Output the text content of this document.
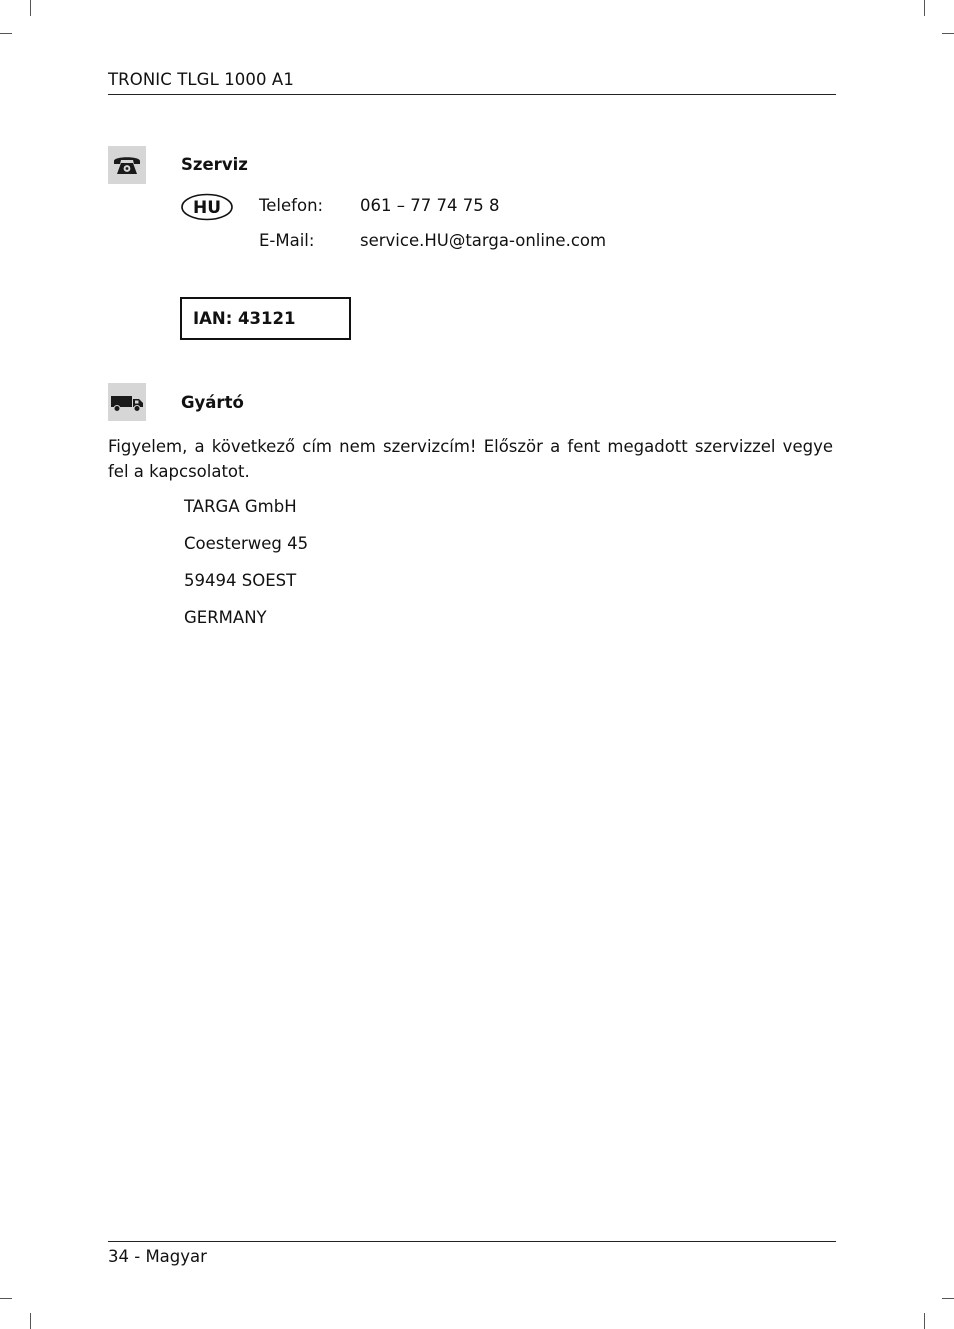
TRONIC TLGL 1000 A1
Szerviz
HU Telefon: 061 – 77 74 75 8
E-Mail:	service.HU@targa-online.com
IAN: 43121
Gyártó
Figyelem, a következő cím nem szervizcím! Először a fent megadott szervizzel vegye fel a kapcsolatot.
TARGA GmbH
Coesterweg 45
59494 SOEST
GERMANY
34 - Magyar
